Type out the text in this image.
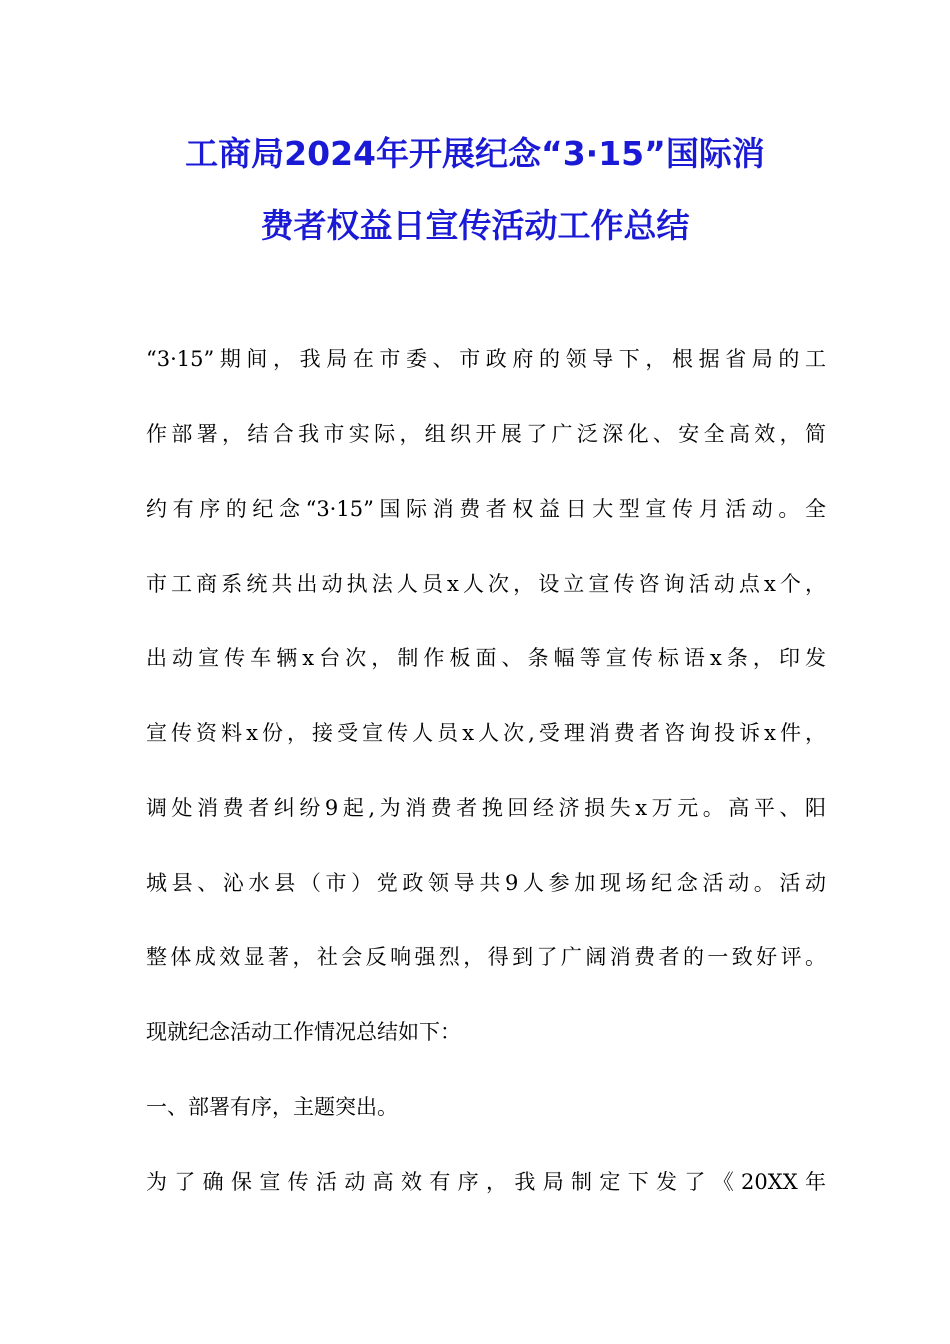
工商局2024年开展纪念“3·15”国际消
费者权益日宣传活动工作总结
“3·15”期间，我局在市委、市政府的领导下，根据省局的工
作部署，结合我市实际，组织开展了广泛深化、安全高效，简
约有序的纪念“3·15”国际消费者权益日大型宣传月活动。全
市工商系统共出动执法人员x人次，设立宣传咨询活动点x个，
出动宣传车辆x台次，制作板面、条幅等宣传标语x条，印发
宣传资料x份，接受宣传人员x人次,受理消费者咨询投诉x件，
调处消费者纠纷9起,为消费者挽回经济损失x万元。高平、阳
城县、沁水县（市）党政领导共9人参加现场纪念活动。活动
整体成效显著，社会反响强烈，得到了广阔消费者的一致好评。
现就纪念活动工作情况总结如下：
一、部署有序，主题突出。
为了确保宣传活动高效有序，我局制定下发了《20XX年
